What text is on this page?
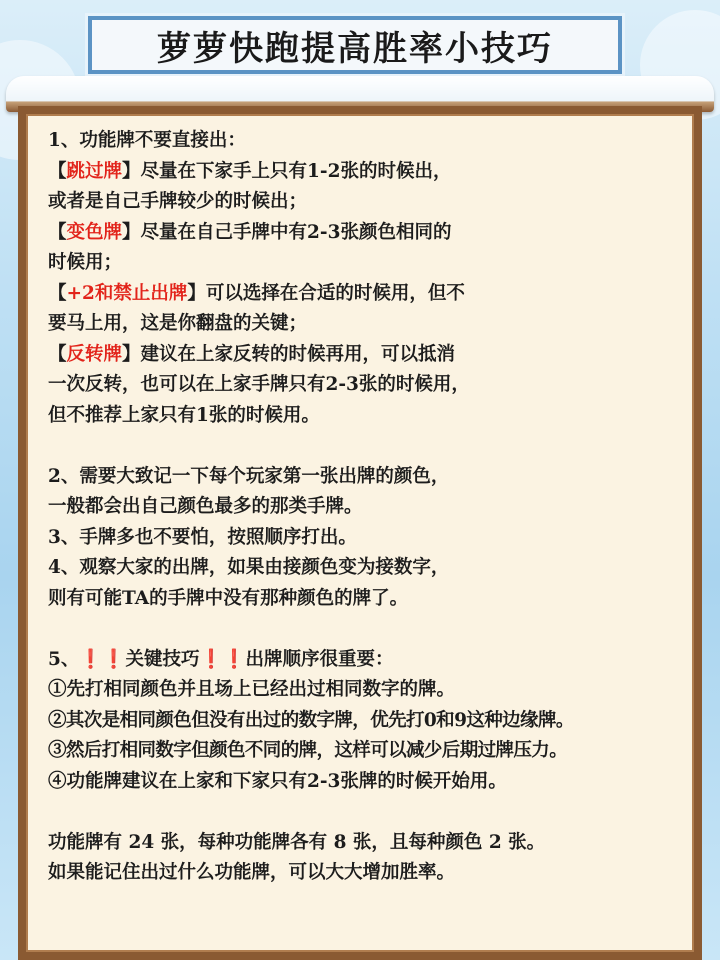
萝萝快跑提高胜率小技巧
1、功能牌不要直接出：
【跳过牌】尽量在下家手上只有1-2张的时候出，
或者是自己手牌较少的时候出；
【变色牌】尽量在自己手牌中有2-3张颜色相同的
时候用；
【+2和禁止出牌】可以选择在合适的时候用，但不
要马上用，这是你翻盘的关键；
【反转牌】建议在上家反转的时候再用，可以抵消
一次反转，也可以在上家手牌只有2-3张的时候用，
但不推荐上家只有1张的时候用。
2、需要大致记一下每个玩家第一张出牌的颜色，
一般都会出自己颜色最多的那类手牌。
3、手牌多也不要怕，按照顺序打出。
4、观察大家的出牌，如果由接颜色变为接数字，
则有可能TA的手牌中没有那种颜色的牌了。
5、❗❗关键技巧❗❗出牌顺序很重要：
①先打相同颜色并且场上已经出过相同数字的牌。
②其次是相同颜色但没有出过的数字牌，优先打0和9这种边缘牌。
③然后打相同数字但颜色不同的牌，这样可以减少后期过牌压力。
④功能牌建议在上家和下家只有2-3张牌的时候开始用。
功能牌有 24 张，每种功能牌各有 8 张，且每种颜色 2 张。
如果能记住出过什么功能牌，可以大大增加胜率。
